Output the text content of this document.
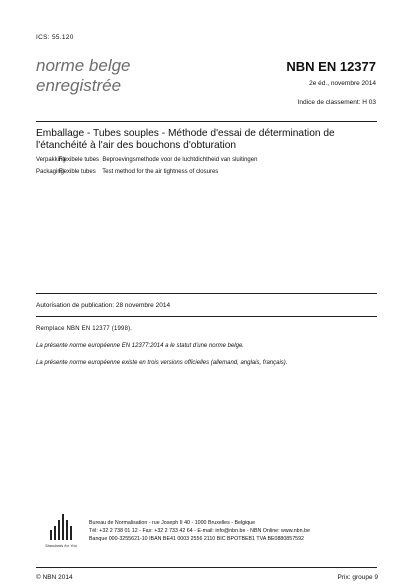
ICS: 55.120
norme belge
enregistrée
NBN EN 12377
2e éd., novembre 2014
Indice de classement: H 03
Emballage - Tubes souples - Méthode d'essai de détermination de l'étanchéité à l'air des bouchons d'obturation
Verpakking Flexibele tubes Beproevingsmethode voor de luchtdichtheid van sluitingen
Packaging Flexible tubes Test method for the air tightness of closures
Autorisation de publication: 28 novembre 2014
Remplace NBN EN 12377 (1998).
La présente norme européenne EN 12377:2014 a le statut d'une norme belge.
La présente norme européenne existe en trois versions officielles (allemand, anglais, français).
Standards for You
Bureau de Normalisation - rue Joseph II 40 - 1000 Bruxelles - Belgique
Tél: +32 2 738 01 12 - Fax: +32 2 733 42 64 - E-mail: info@nbn.be - NBN Online: www.nbn.be
Banque 000-3255621-10 IBAN BE41 0003 2556 2110 BIC BPOTBEB1 TVA BE0880857592
© NBN 2014	Prix: groupe 9
